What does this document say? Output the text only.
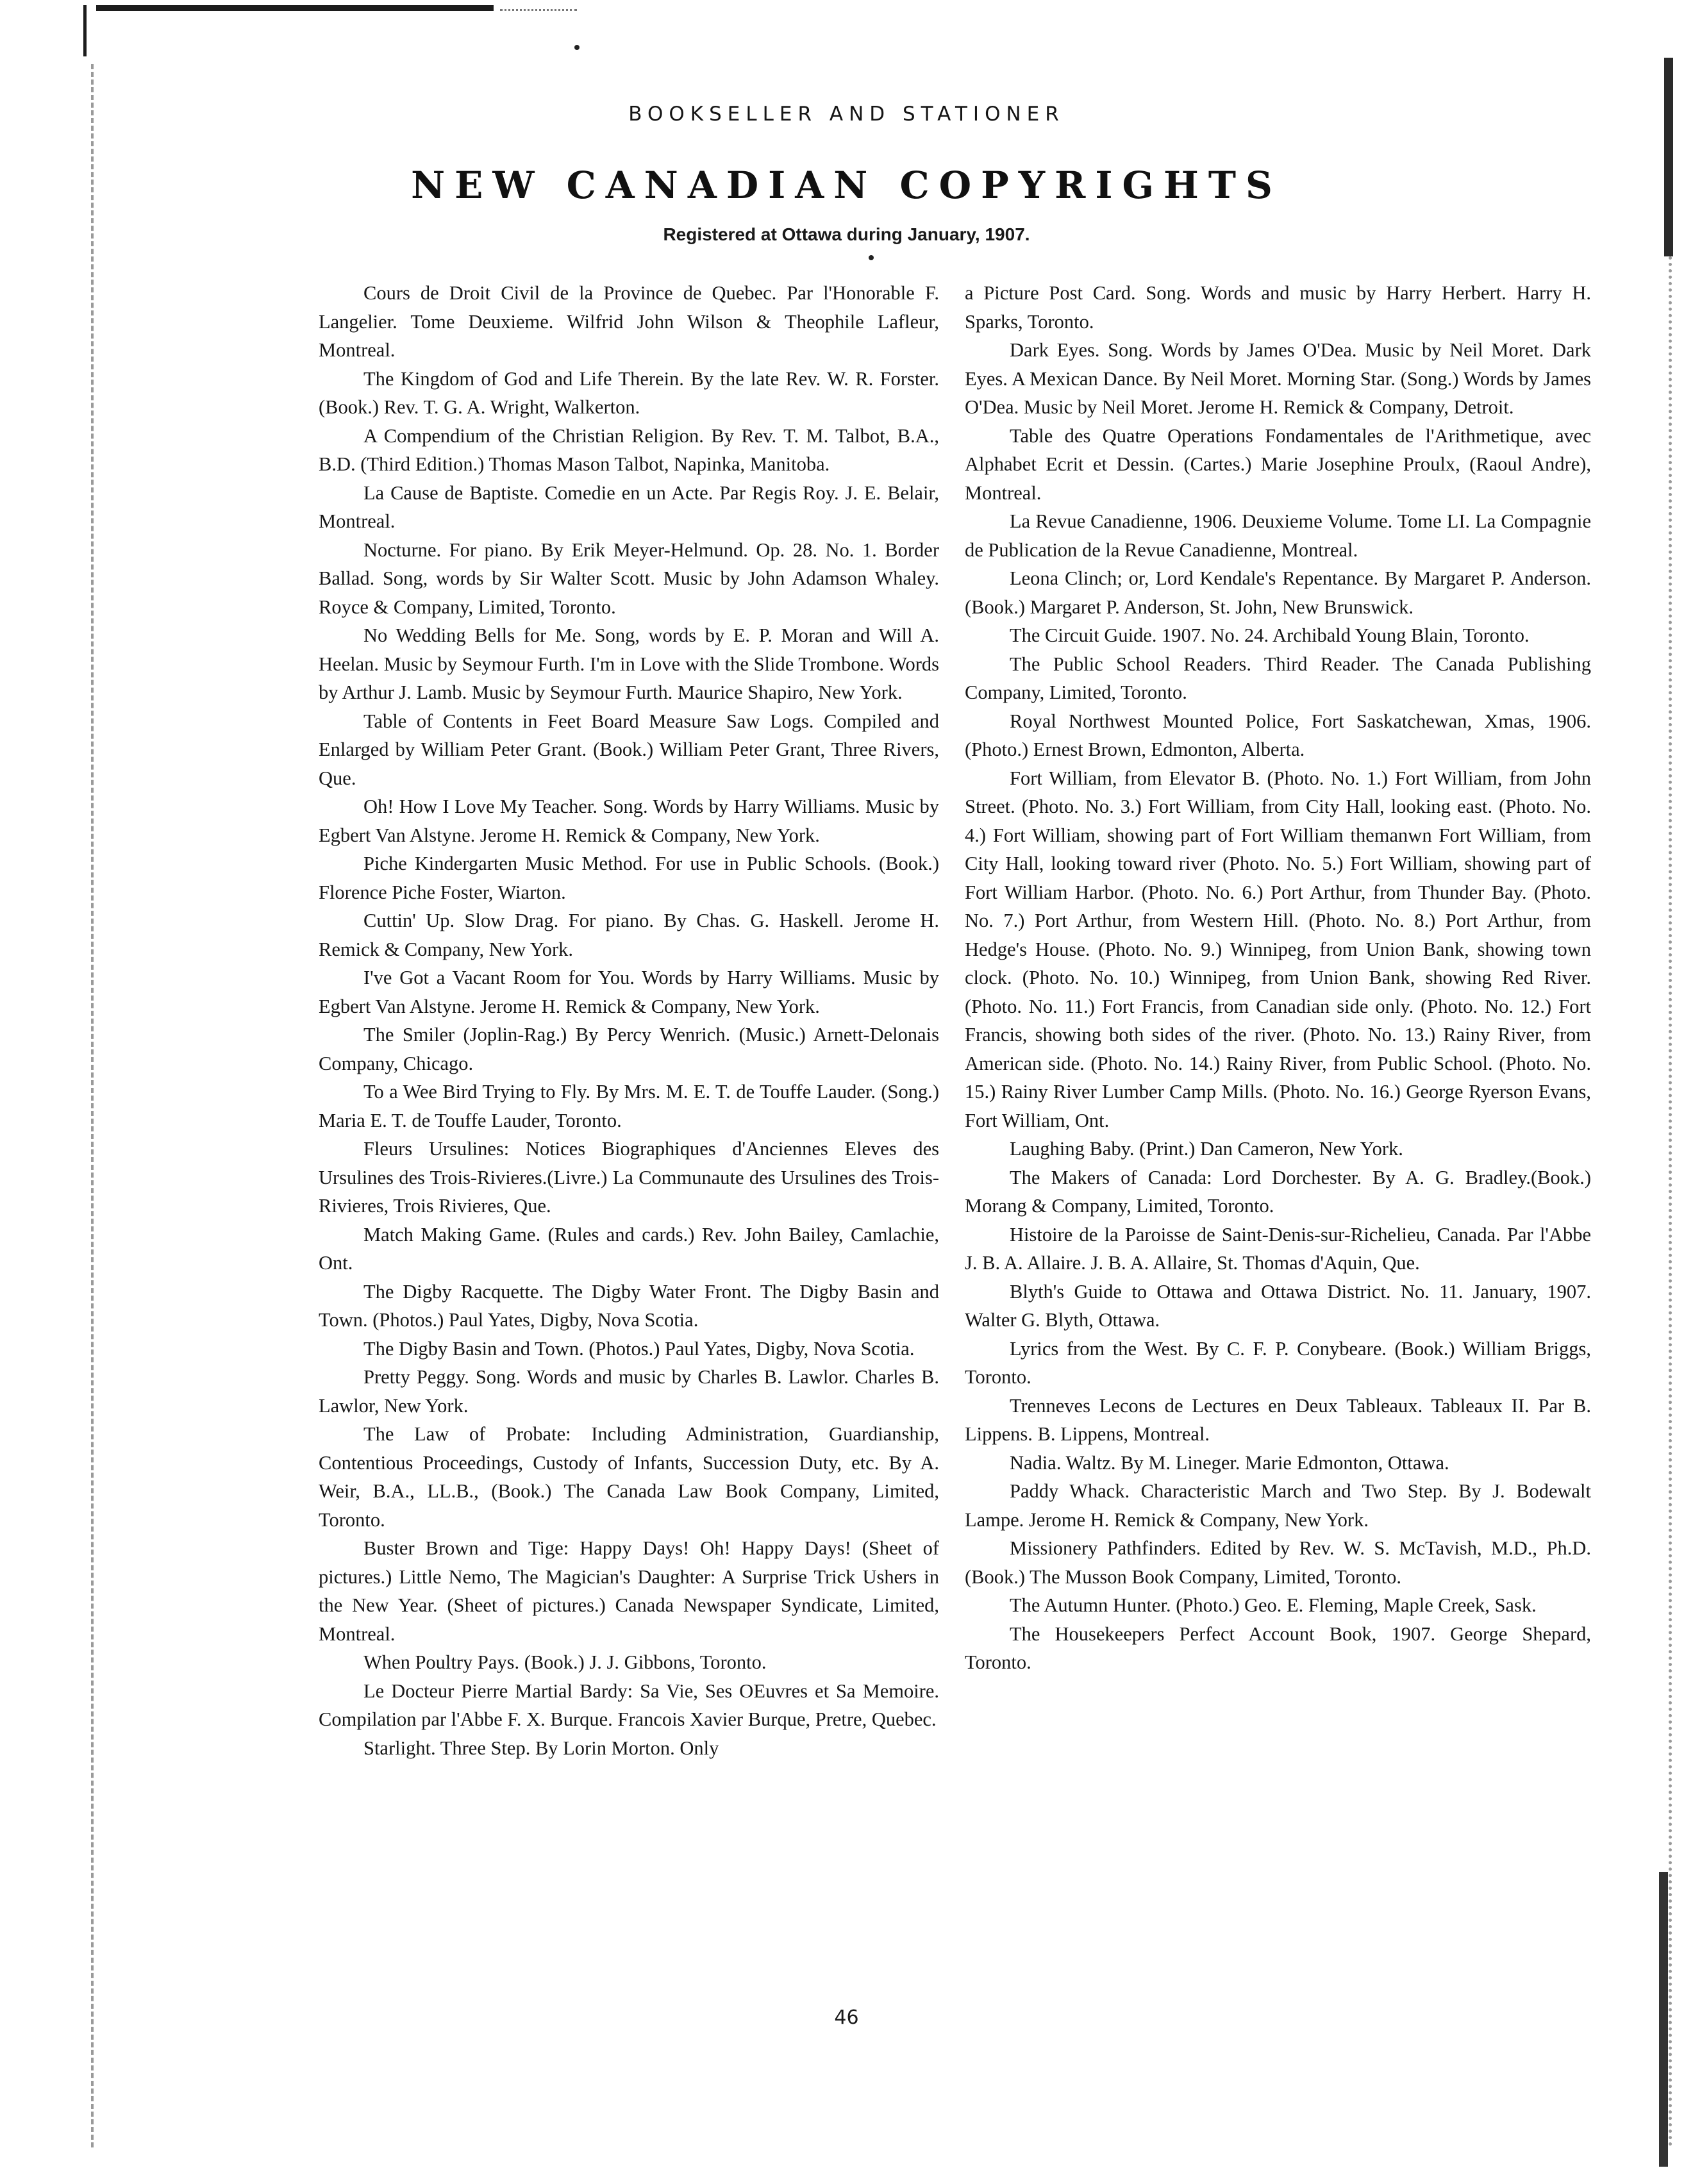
BOOKSELLER AND STATIONER
NEW CANADIAN COPYRIGHTS
Registered at Ottawa during January, 1907.

Cours de Droit Civil de la Province de Quebec. Par l'Honorable F. Langelier. Tome Deuxieme. Wilfrid John Wilson & Theophile Lafleur, Montreal.

The Kingdom of God and Life Therein. By the late Rev. W. R. Forster. (Book.) Rev. T. G. A. Wright, Walkerton.

A Compendium of the Christian Religion. By Rev. T. M. Talbot, B.A., B.D. (Third Edition.) Thomas Mason Talbot, Napinka, Manitoba.

La Cause de Baptiste. Comedie en un Acte. Par Regis Roy. J. E. Belair, Montreal.

Nocturne. For piano. By Erik Meyer-Helmund. Op. 28. No. 1. Border Ballad. Song, words by Sir Walter Scott. Music by John Adamson Whaley. Royce & Company, Limited, Toronto.

No Wedding Bells for Me. Song, words by E. P. Moran and Will A. Heelan. Music by Seymour Furth. I'm in Love with the Slide Trombone. Words by Arthur J. Lamb. Music by Seymour Furth. Maurice Shapiro, New York.

Table of Contents in Feet Board Measure Saw Logs. Compiled and Enlarged by William Peter Grant. (Book.) William Peter Grant, Three Rivers, Que.

Oh! How I Love My Teacher. Song. Words by Harry Williams. Music by Egbert Van Alstyne. Jerome H. Remick & Company, New York.

Piche Kindergarten Music Method. For use in Public Schools. (Book.) Florence Piche Foster, Wiarton.

Cuttin' Up. Slow Drag. For piano. By Chas. G. Haskell. Jerome H. Remick & Company, New York.

I've Got a Vacant Room for You. Words by Harry Williams. Music by Egbert Van Alstyne. Jerome H. Remick & Company, New York.

The Smiler (Joplin-Rag.) By Percy Wenrich. (Music.) Arnett-Delonais Company, Chicago.

To a Wee Bird Trying to Fly. By Mrs. M. E. T. de Touffe Lauder. (Song.) Maria E. T. de Touffe Lauder, Toronto.

Fleurs Ursulines: Notices Biographiques d'Anciennes Eleves des Ursulines des Trois-Rivieres.(Livre.) La Communaute des Ursulines des Trois-Rivieres, Trois Rivieres, Que.

Match Making Game. (Rules and cards.) Rev. John Bailey, Camlachie, Ont.

The Digby Racquette. The Digby Water Front. The Digby Basin and Town. (Photos.) Paul Yates, Digby, Nova Scotia.

The Digby Basin and Town. (Photos.) Paul Yates, Digby, Nova Scotia.

Pretty Peggy. Song. Words and music by Charles B. Lawlor. Charles B. Lawlor, New York.

The Law of Probate: Including Administration, Guardianship, Contentious Proceedings, Custody of Infants, Succession Duty, etc. By A. Weir, B.A., LL.B., (Book.) The Canada Law Book Company, Limited, Toronto.

Buster Brown and Tige: Happy Days! Oh! Happy Days! (Sheet of pictures.) Little Nemo, The Magician's Daughter: A Surprise Trick Ushers in the New Year. (Sheet of pictures.) Canada Newspaper Syndicate, Limited, Montreal.

When Poultry Pays. (Book.) J. J. Gibbons, Toronto.

Le Docteur Pierre Martial Bardy: Sa Vie, Ses OEuvres et Sa Memoire. Compilation par l'Abbe F. X. Burque. Francois Xavier Burque, Pretre, Quebec.

Starlight. Three Step. By Lorin Morton. Only

a Picture Post Card. Song. Words and music by Harry Herbert. Harry H. Sparks, Toronto.

Dark Eyes. Song. Words by James O'Dea. Music by Neil Moret. Dark Eyes. A Mexican Dance. By Neil Moret. Morning Star. (Song.) Words by James O'Dea. Music by Neil Moret. Jerome H. Remick & Company, Detroit.

Table des Quatre Operations Fondamentales de l'Arithmetique, avec Alphabet Ecrit et Dessin. (Cartes.) Marie Josephine Proulx, (Raoul Andre), Montreal.

La Revue Canadienne, 1906. Deuxieme Volume. Tome LI. La Compagnie de Publication de la Revue Canadienne, Montreal.

Leona Clinch; or, Lord Kendale's Repentance. By Margaret P. Anderson. (Book.) Margaret P. Anderson, St. John, New Brunswick.

The Circuit Guide. 1907. No. 24. Archibald Young Blain, Toronto.

The Public School Readers. Third Reader. The Canada Publishing Company, Limited, Toronto.

Royal Northwest Mounted Police, Fort Saskatchewan, Xmas, 1906. (Photo.) Ernest Brown, Edmonton, Alberta.

Fort William, from Elevator B. (Photo. No. 1.) Fort William, from John Street. (Photo. No. 3.) Fort William, from City Hall, looking east. (Photo. No. 4.) Fort William, showing part of Fort William themanwn Fort William, from City Hall, looking toward river (Photo. No. 5.) Fort William, showing part of Fort William Harbor. (Photo. No. 6.) Port Arthur, from Thunder Bay. (Photo. No. 7.) Port Arthur, from Western Hill. (Photo. No. 8.) Port Arthur, from Hedge's House. (Photo. No. 9.) Winnipeg, from Union Bank, showing town clock. (Photo. No. 10.) Winnipeg, from Union Bank, showing Red River. (Photo. No. 11.) Fort Francis, from Canadian side only. (Photo. No. 12.) Fort Francis, showing both sides of the river. (Photo. No. 13.) Rainy River, from American side. (Photo. No. 14.) Rainy River, from Public School. (Photo. No. 15.) Rainy River Lumber Camp Mills. (Photo. No. 16.) George Ryerson Evans, Fort William, Ont.

Laughing Baby. (Print.) Dan Cameron, New York.

The Makers of Canada: Lord Dorchester. By A. G. Bradley.(Book.) Morang & Company, Limited, Toronto.

Histoire de la Paroisse de Saint-Denis-sur-Richelieu, Canada. Par l'Abbe J. B. A. Allaire. J. B. A. Allaire, St. Thomas d'Aquin, Que.

Blyth's Guide to Ottawa and Ottawa District. No. 11. January, 1907. Walter G. Blyth, Ottawa.

Lyrics from the West. By C. F. P. Conybeare. (Book.) William Briggs, Toronto.

Trenneves Lecons de Lectures en Deux Tableaux. Tableaux II. Par B. Lippens. B. Lippens, Montreal.

Nadia. Waltz. By M. Lineger. Marie Edmonton, Ottawa.

Paddy Whack. Characteristic March and Two Step. By J. Bodewalt Lampe. Jerome H. Remick & Company, New York.

Missionery Pathfinders. Edited by Rev. W. S. McTavish, M.D., Ph.D. (Book.) The Musson Book Company, Limited, Toronto.

The Autumn Hunter. (Photo.) Geo. E. Fleming, Maple Creek, Sask.

The Housekeepers Perfect Account Book, 1907. George Shepard, Toronto.

46
